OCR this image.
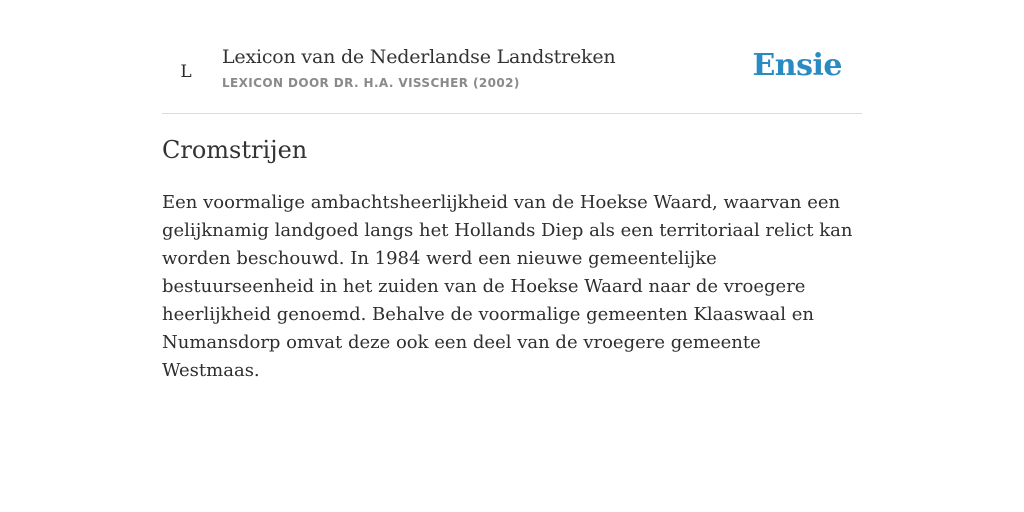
L
Lexicon van de Nederlandse Landstreken
LEXICON DOOR DR. H.A. VISSCHER (2002)	Ensie
Cromstrijen

Een voormalige ambachtsheerlijkheid van de Hoekse Waard, waarvan een gelijknamig landgoed langs het Hollands Diep als een territoriaal relict kan worden beschouwd. In 1984 werd een nieuwe gemeentelijke bestuurseenheid in het zuiden van de Hoekse Waard naar de vroegere heerlijkheid genoemd. Behalve de voormalige gemeenten Klaaswaal en Numansdorp omvat deze ook een deel van de vroegere gemeente Westmaas.
